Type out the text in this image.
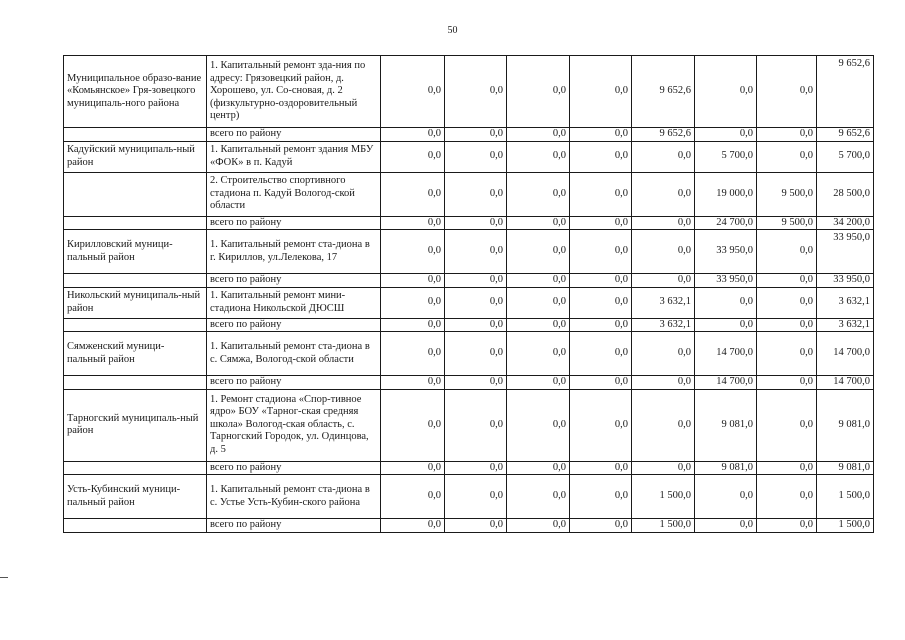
50
Муниципальное образо-вание «Комьянское» Гря-зовецкого муниципаль-ного района	1. Капитальный ремонт зда-ния по адресу: Грязовецкий район, д. Хорошево, ул. Со-сновая, д. 2 (физкультурно-оздоровительный центр)	0,0	0,0	0,0	0,0	9 652,6	0,0	0,0	9 652,6
	всего по району	0,0	0,0	0,0	0,0	9 652,6	0,0	0,0	9 652,6
Кадуйский муниципаль-ный район	1. Капитальный ремонт здания МБУ «ФОК» в п. Кадуй	0,0	0,0	0,0	0,0	0,0	5 700,0	0,0	5 700,0
	2. Строительство спортивного стадиона п. Кадуй Вологод-ской области	0,0	0,0	0,0	0,0	0,0	19 000,0	9 500,0	28 500,0
	всего по району	0,0	0,0	0,0	0,0	0,0	24 700,0	9 500,0	34 200,0
Кирилловский муници-пальный район	1. Капитальный ремонт ста-диона в г. Кириллов, ул.Лелекова, 17	0,0	0,0	0,0	0,0	0,0	33 950,0	0,0	33 950,0
	всего по району	0,0	0,0	0,0	0,0	0,0	33 950,0	0,0	33 950,0
Никольский муниципаль-ный район	1. Капитальный ремонт мини-стадиона Никольской ДЮСШ	0,0	0,0	0,0	0,0	3 632,1	0,0	0,0	3 632,1
	всего по району	0,0	0,0	0,0	0,0	3 632,1	0,0	0,0	3 632,1
Сямженский муници-пальный район	1. Капитальный ремонт ста-диона в с. Сямжа, Вологод-ской области	0,0	0,0	0,0	0,0	0,0	14 700,0	0,0	14 700,0
	всего по району	0,0	0,0	0,0	0,0	0,0	14 700,0	0,0	14 700,0
Тарногский муниципаль-ный район	1. Ремонт стадиона «Спор-тивное ядро» БОУ «Тарног-ская средняя школа» Вологод-ская область, с. Тарногский Городок, ул. Одинцова, д. 5	0,0	0,0	0,0	0,0	0,0	9 081,0	0,0	9 081,0
	всего по району	0,0	0,0	0,0	0,0	0,0	9 081,0	0,0	9 081,0
Усть-Кубинский муници-пальный район	1. Капитальный ремонт ста-диона в с. Устье Усть-Кубин-ского района	0,0	0,0	0,0	0,0	1 500,0	0,0	0,0	1 500,0
	всего по району	0,0	0,0	0,0	0,0	1 500,0	0,0	0,0	1 500,0
